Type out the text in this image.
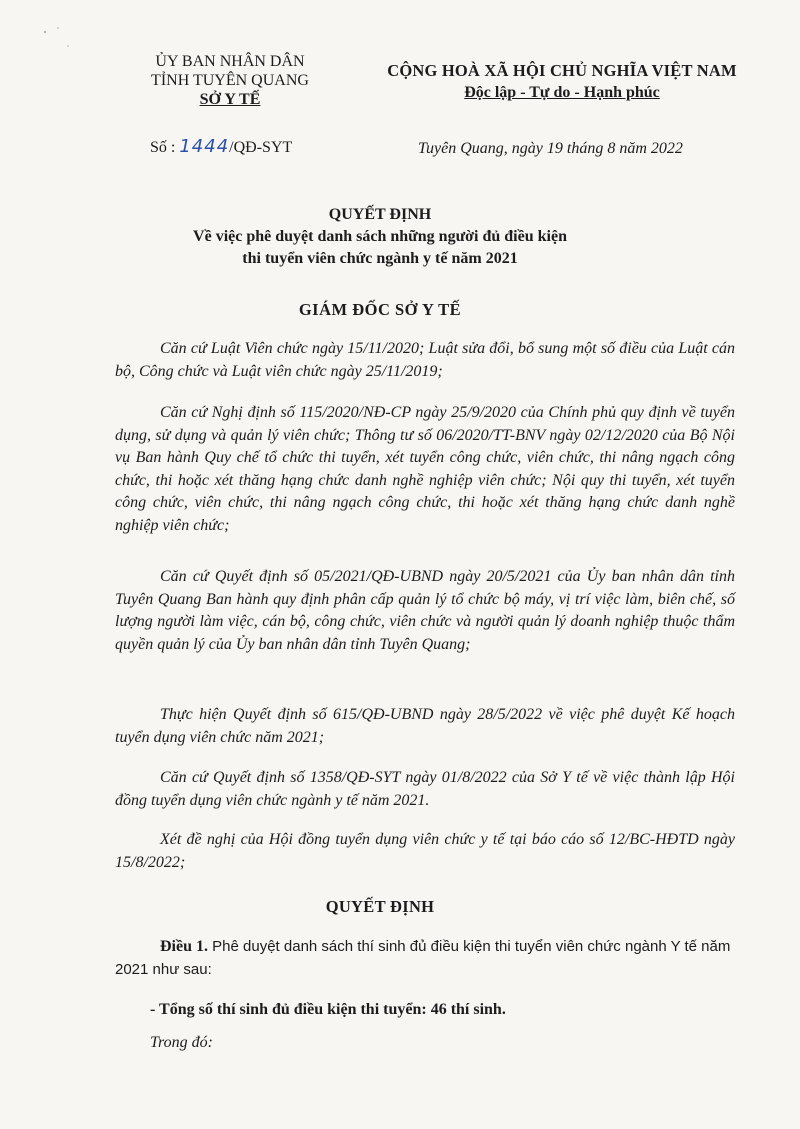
ỦY BAN NHÂN DÂN
TỈNH TUYÊN QUANG
SỞ Y TẾ
CỘNG HOÀ XÃ HỘI CHỦ NGHĨA VIỆT NAM
Độc lập - Tự do - Hạnh phúc
Số : 1444/QĐ-SYT	Tuyên Quang, ngày 19 tháng 8 năm 2022
QUYẾT ĐỊNH
Về việc phê duyệt danh sách những người đủ điều kiện
thi tuyển viên chức ngành y tế năm 2021
GIÁM ĐỐC SỞ Y TẾ

Căn cứ Luật Viên chức ngày 15/11/2020; Luật sửa đổi, bổ sung một số điều của Luật cán bộ, Công chức và Luật viên chức ngày 25/11/2019;

Căn cứ Nghị định số 115/2020/NĐ-CP ngày 25/9/2020 của Chính phủ quy định về tuyển dụng, sử dụng và quản lý viên chức; Thông tư số 06/2020/TT-BNV ngày 02/12/2020 của Bộ Nội vụ Ban hành Quy chế tổ chức thi tuyển, xét tuyển công chức, viên chức, thi nâng ngạch công chức, thi hoặc xét thăng hạng chức danh nghề nghiệp viên chức; Nội quy thi tuyển, xét tuyển công chức, viên chức, thi nâng ngạch công chức, thi hoặc xét thăng hạng chức danh nghề nghiệp viên chức;

Căn cứ Quyết định số 05/2021/QĐ-UBND ngày 20/5/2021 của Ủy ban nhân dân tỉnh Tuyên Quang Ban hành quy định phân cấp quản lý tổ chức bộ máy, vị trí việc làm, biên chế, số lượng người làm việc, cán bộ, công chức, viên chức và người quản lý doanh nghiệp thuộc thẩm quyền quản lý của Ủy ban nhân dân tỉnh Tuyên Quang;

Thực hiện Quyết định số 615/QĐ-UBND ngày 28/5/2022 về việc phê duyệt Kế hoạch tuyển dụng viên chức năm 2021;

Căn cứ Quyết định số 1358/QĐ-SYT ngày 01/8/2022 của Sở Y tế về việc thành lập Hội đồng tuyển dụng viên chức ngành y tế năm 2021.

Xét đề nghị của Hội đồng tuyển dụng viên chức y tế tại báo cáo số 12/BC-HĐTD ngày 15/8/2022;

QUYẾT ĐỊNH

Điều 1. Phê duyệt danh sách thí sinh đủ điều kiện thi tuyển viên chức ngành Y tế năm 2021 như sau:

- Tổng số thí sinh đủ điều kiện thi tuyển: 46 thí sinh.
Trong đó:
